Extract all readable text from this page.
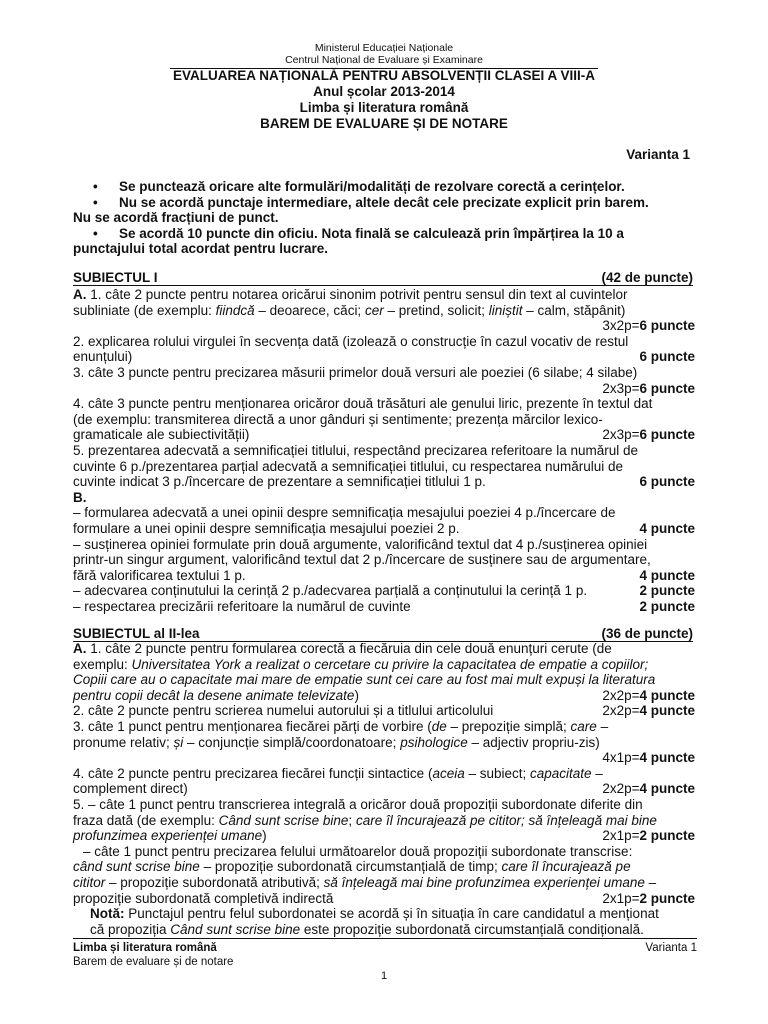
Ministerul Educației Naționale
Centrul Național de Evaluare și Examinare
EVALUAREA NAȚIONALĂ PENTRU ABSOLVENȚII CLASEI A VIII-A
Anul școlar 2013-2014
Limba și literatura română
BAREM DE EVALUARE ȘI DE NOTARE
Varianta 1
• Se punctează oricare alte formulări/modalități de rezolvare corectă a cerințelor.
• Nu se acordă punctaje intermediare, altele decât cele precizate explicit prin barem.
Nu se acordă fracțiuni de punct.
• Se acordă 10 puncte din oficiu. Nota finală se calculează prin împărțirea la 10 a
punctajului total acordat pentru lucrare.
SUBIECTUL I	(42 de puncte)
A. 1. câte 2 puncte pentru notarea oricărui sinonim potrivit pentru sensul din text al cuvintelor
subliniate (de exemplu: fiindcă – deoarece, căci; cer – pretind, solicit; liniștit – calm, stăpânit)
3x2p=6 puncte
2. explicarea rolului virgulei în secvența dată (izolează o construcție în cazul vocativ de restul
enunțului)	6 puncte
3. câte 3 puncte pentru precizarea măsurii primelor două versuri ale poeziei (6 silabe; 4 silabe)
2x3p=6 puncte
4. câte 3 puncte pentru menționarea oricăror două trăsături ale genului liric, prezente în textul dat
(de exemplu: transmiterea directă a unor gânduri și sentimente; prezența mărcilor lexico-
gramaticale ale subiectivității)	2x3p=6 puncte
5. prezentarea adecvată a semnificației titlului, respectând precizarea referitoare la numărul de
cuvinte 6 p./prezentarea parțial adecvată a semnificației titlului, cu respectarea numărului de
cuvinte indicat 3 p./încercare de prezentare a semnificației titlului 1 p.	6 puncte
B.
– formularea adecvată a unei opinii despre semnificația mesajului poeziei 4 p./încercare de
formulare a unei opinii despre semnificația mesajului poeziei 2 p.	4 puncte
– susținerea opiniei formulate prin două argumente, valorificând textul dat 4 p./susținerea opiniei
printr-un singur argument, valorificând textul dat 2 p./încercare de susținere sau de argumentare,
fără valorificarea textului 1 p.	4 puncte
– adecvarea conținutului la cerință 2 p./adecvarea parțială a conținutului la cerință 1 p.	2 puncte
– respectarea precizării referitoare la numărul de cuvinte	2 puncte
SUBIECTUL al II-lea	(36 de puncte)
A. 1. câte 2 puncte pentru formularea corectă a fiecăruia din cele două enunțuri cerute (de
exemplu: Universitatea York a realizat o cercetare cu privire la capacitatea de empatie a copiilor;
Copiii care au o capacitate mai mare de empatie sunt cei care au fost mai mult expuși la literatura
pentru copii decât la desene animate televizate)	2x2p=4 puncte
2. câte 2 puncte pentru scrierea numelui autorului și a titlului articolului	2x2p=4 puncte
3. câte 1 punct pentru menționarea fiecărei părți de vorbire (de – prepoziție simplă; care –
pronume relativ; și – conjuncție simplă/coordonatoare; psihologice – adjectiv propriu-zis)
4x1p=4 puncte
4. câte 2 puncte pentru precizarea fiecărei funcții sintactice (aceia – subiect; capacitate –
complement direct)	2x2p=4 puncte
5. – câte 1 punct pentru transcrierea integrală a oricăror două propoziții subordonate diferite din
fraza dată (de exemplu: Când sunt scrise bine; care îl încurajează pe cititor; să înțeleagă mai bine
profunzimea experienței umane)	2x1p=2 puncte
– câte 1 punct pentru precizarea felului următoarelor două propoziții subordonate transcrise:
când sunt scrise bine – propoziție subordonată circumstanțială de timp; care îl încurajează pe
cititor – propoziție subordonată atributivă; să înțeleagă mai bine profunzimea experienței umane –
propoziție subordonată completivă indirectă	2x1p=2 puncte
Notă: Punctajul pentru felul subordonatei se acordă și în situația în care candidatul a menționat
că propoziția Când sunt scrise bine este propoziție subordonată circumstanțială condițională.
Limba și literatura română	Varianta 1
Barem de evaluare și de notare
1
